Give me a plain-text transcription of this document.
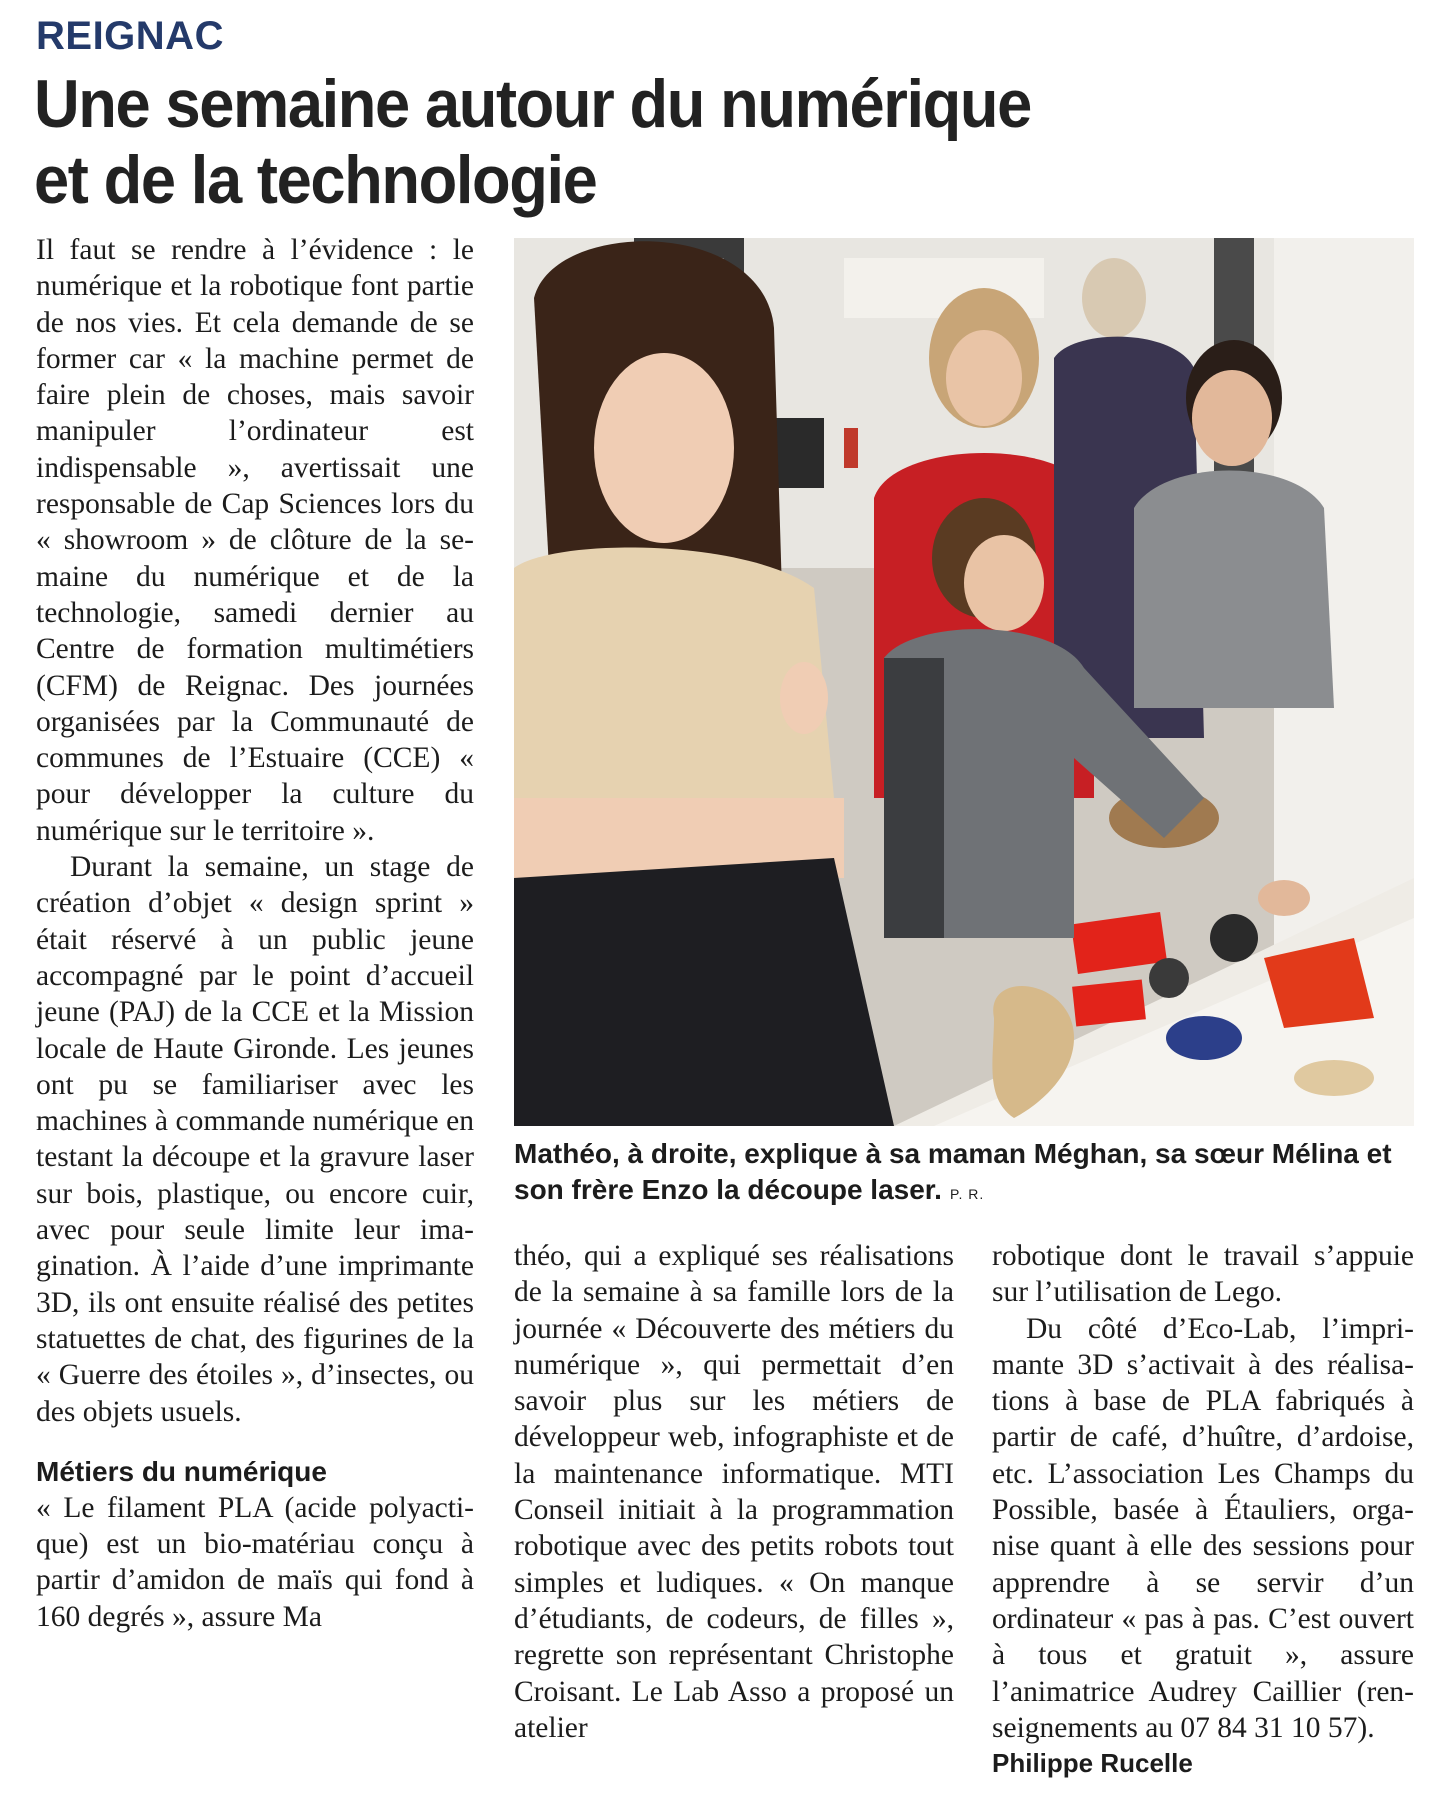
REIGNAC
Une semaine autour du numérique
et de la technologie

Il faut se rendre à l’évidence : le numérique et la robotique font partie de nos vies. Et cela demande de se former car « la machine permet de faire plein de choses, mais savoir manipuler l’ordinateur est indispensable », avertissait une responsable de Cap Sciences lors du « showroom » de clôture de la semaine du numérique et de la technologie, samedi dernier au Centre de formation multimétiers (CFM) de Reignac. Des journées organisées par la Communauté de communes de l’Estuaire (CCE) « pour développer la culture du numérique sur le territoire ».

Durant la semaine, un stage de création d’objet « design sprint » était réservé à un public jeune accompagné par le point d’accueil jeune (PAJ) de la CCE et la Mission locale de Haute Gironde. Les jeunes ont pu se familiariser avec les machines à commande numérique en testant la découpe et la gravure laser sur bois, plastique, ou encore cuir, avec pour seule limite leur imagination. À l’aide d’une imprimante 3D, ils ont ensuite réalisé des petites statuettes de chat, des figurines de la « Guerre des étoiles », d’insectes, ou des objets usuels.

Métiers du numérique

« Le filament PLA (acide polyactique) est un bio-matériau conçu à partir d’amidon de maïs qui fond à 160 degrés », assure Ma

Mathéo, à droite, explique à sa maman Méghan, sa sœur Mélina et son frère Enzo la découpe laser. P. R.

théo, qui a expliqué ses réalisations de la semaine à sa famille lors de la journée « Découverte des métiers du numérique », qui permettait d’en savoir plus sur les métiers de développeur web, infographiste et de la maintenance informatique. MTI Conseil initiait à la programmation robotique avec des petits robots tout simples et ludiques. « On manque d’étudiants, de codeurs, de filles », regrette son représentant Christophe Croisant. Le Lab Asso a proposé un atelier

robotique dont le travail s’appuie sur l’utilisation de Lego.

Du côté d’Eco-Lab, l’imprimante 3D s’activait à des réalisations à base de PLA fabriqués à partir de café, d’huître, d’ardoise, etc. L’association Les Champs du Possible, basée à Étauliers, organise quant à elle des sessions pour apprendre à se servir d’un ordinateur « pas à pas. C’est ouvert à tous et gratuit », assure l’animatrice Audrey Caillier (renseignements au 07 84 31 10 57).

Philippe Rucelle
